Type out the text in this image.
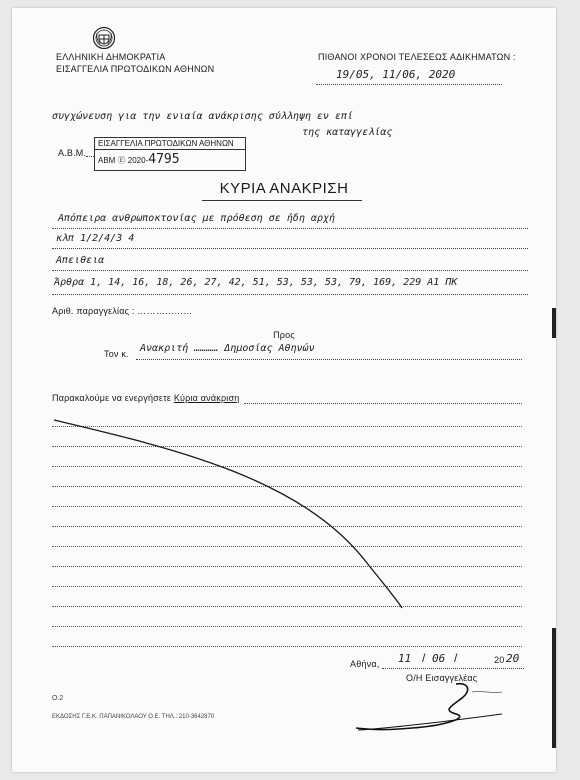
ΕΛΛΗΝΙΚΗ ΔΗΜΟΚΡΑΤΙΑ
ΕΙΣΑΓΓΕΛΙΑ ΠΡΩΤΟΔΙΚΩΝ ΑΘΗΝΩΝ
ΠΙΘΑΝΟΙ ΧΡΟΝΟΙ ΤΕΛΕΣΕΩΣ ΑΔΙΚΗΜΑΤΩΝ :
19/05, 11/06, 2020
συγχώνευση για την ενιαία ανάκρισης σύλληψη εν επί
της καταγγελίας
Α.Β.Μ.
ΕΙΣΑΓΓΕΛΙΑ ΠΡΩΤΟΔΙΚΩΝ ΑΘΗΝΩΝ
ΑΒΜ Ⓔ 2020-4795
ΚΥΡΙΑ ΑΝΑΚΡΙΣΗ
Απόπειρα ανθρωποκτονίας με πρόθεση σε ήδη αρχή
κλπ 1/2/4/3 4
Απειθεια
Άρθρα 1, 14, 16, 18, 26, 27, 42, 51, 53, 53, 53, 79, 169, 229 Α1 ΠΚ
Αριθ. παραγγελίας : ………………
Προς
Τον κ. Ανακριτή ………… Δημοσίας Αθηνών
Παρακαλούμε να ενεργήσετε Κύρια ανάκριση
Αθήνα, 11 / 06 /	20 20
Ο/Η Εισαγγελέας
Ο.2
ΕΚΔΟΣΗΣ Γ.Ε.Κ. ΠΑΠΑΝΙΚΟΛΑΟΥ Ο.Ε. ΤΗΛ.: 210-3642870
